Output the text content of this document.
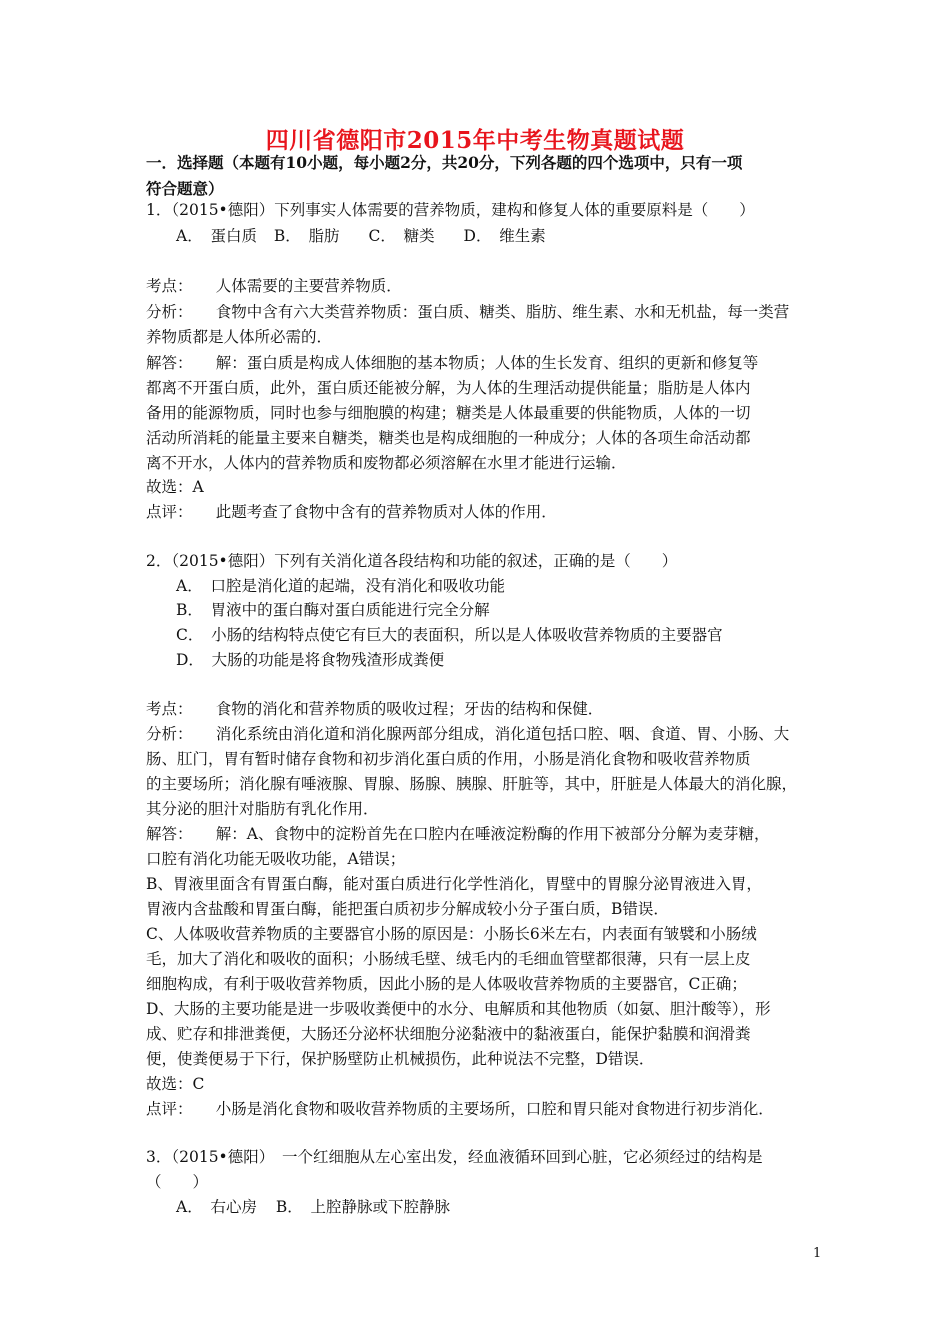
四川省德阳市2015年中考生物真题试题
一．选择题（本题有10小题，每小题2分，共20分，下列各题的四个选项中，只有一项
符合题意）
1．（2015•德阳）下列事实人体需要的营养物质，建构和修复人体的重要原料是（　　）
A．　蛋白质 B．　脂肪 C．　糖类 D．　维生素
考点：　　人体需要的主要营养物质．
分析：　　食物中含有六大类营养物质：蛋白质、糖类、脂肪、维生素、水和无机盐，每一类营
养物质都是人体所必需的．
解答：　　解：蛋白质是构成人体细胞的基本物质；人体的生长发育、组织的更新和修复等
都离不开蛋白质，此外，蛋白质还能被分解，为人体的生理活动提供能量；脂肪是人体内
备用的能源物质，同时也参与细胞膜的构建；糖类是人体最重要的供能物质，人体的一切
活动所消耗的能量主要来自糖类，糖类也是构成细胞的一种成分；人体的各项生命活动都
离不开水，人体内的营养物质和废物都必须溶解在水里才能进行运输．
故选：A
点评：　　此题考查了食物中含有的营养物质对人体的作用．
2．（2015•德阳）下列有关消化道各段结构和功能的叙述，正确的是（　　）
A．　口腔是消化道的起端，没有消化和吸收功能
B．　胃液中的蛋白酶对蛋白质能进行完全分解
C．　小肠的结构特点使它有巨大的表面积，所以是人体吸收营养物质的主要器官
D．　大肠的功能是将食物残渣形成粪便
考点：　　食物的消化和营养物质的吸收过程；牙齿的结构和保健．
分析：　　消化系统由消化道和消化腺两部分组成，消化道包括口腔、咽、食道、胃、小肠、大
肠、肛门，胃有暂时储存食物和初步消化蛋白质的作用，小肠是消化食物和吸收营养物质
的主要场所；消化腺有唾液腺、胃腺、肠腺、胰腺、肝脏等，其中，肝脏是人体最大的消化腺，
其分泌的胆汁对脂肪有乳化作用．
解答：　　解：A、食物中的淀粉首先在口腔内在唾液淀粉酶的作用下被部分分解为麦芽糖，
口腔有消化功能无吸收功能，A错误；
B、胃液里面含有胃蛋白酶，能对蛋白质进行化学性消化，胃壁中的胃腺分泌胃液进入胃，
胃液内含盐酸和胃蛋白酶，能把蛋白质初步分解成较小分子蛋白质，B错误．
C、人体吸收营养物质的主要器官小肠的原因是：小肠长6米左右，内表面有皱襞和小肠绒
毛，加大了消化和吸收的面积；小肠绒毛壁、绒毛内的毛细血管壁都很薄，只有一层上皮
细胞构成，有利于吸收营养物质，因此小肠的是人体吸收营养物质的主要器官，C正确；
D、大肠的主要功能是进一步吸收粪便中的水分、电解质和其他物质（如氨、胆汁酸等），形
成、贮存和排泄粪便，大肠还分泌杯状细胞分泌黏液中的黏液蛋白，能保护黏膜和润滑粪
便，使粪便易于下行，保护肠壁防止机械损伤，此种说法不完整，D错误．
故选：C
点评：　　小肠是消化食物和吸收营养物质的主要场所，口腔和胃只能对食物进行初步消化．
3．（2015•德阳）　一个红细胞从左心室出发，经血液循环回到心脏，它必须经过的结构是
（　　）
A．　右心房 B．　上腔静脉或下腔静脉
1
